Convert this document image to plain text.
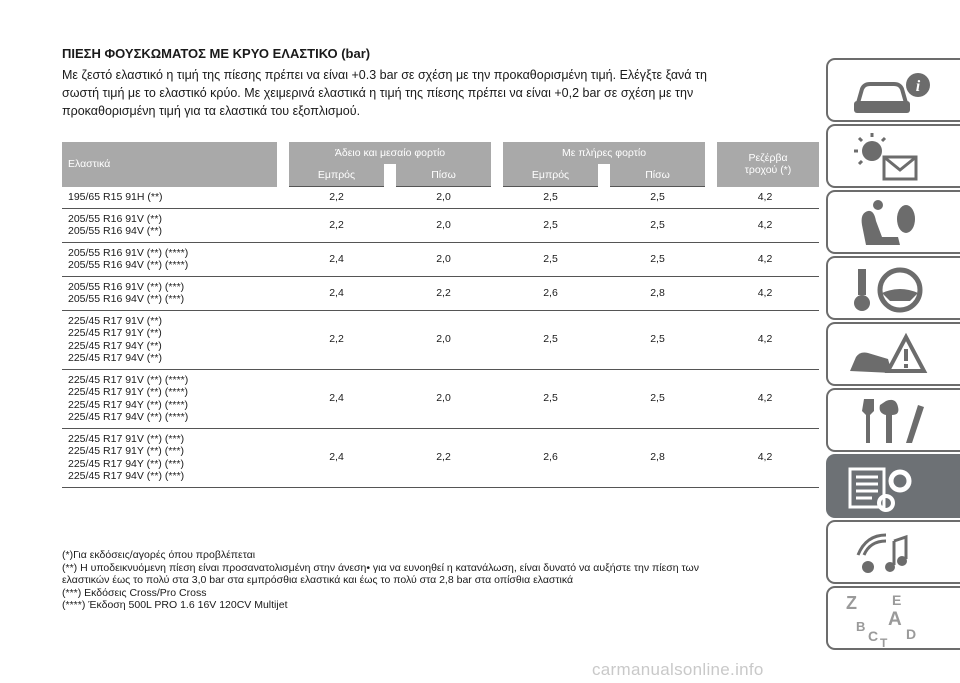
ΠΙΕΣΗ ΦΟΥΣΚΩΜΑΤΟΣ ΜΕ ΚΡΥΟ ΕΛΑΣΤΙΚΟ (bar)
Με ζεστό ελαστικό η τιμή της πίεσης πρέπει να είναι +0.3 bar σε σχέση με την προκαθορισμένη τιμή. Ελέγξτε ξανά τη
σωστή τιμή με το ελαστικό κρύο. Με χειμερινά ελαστικά η τιμή της πίεσης πρέπει να είναι +0,2 bar σε σχέση με την
προκαθορισμένη τιμή για τα ελαστικά του εξοπλισμού.
Ελαστικά	Άδειο και μεσαίο φορτίο		Με πλήρες φορτίο		Ρεζέρβα
τροχού (*)

	Εμπρός	Πίσω	Εμπρός	Πίσω	

195/65 R15 91H (**)	2,2	2,0	2,5	2,5	4,2

205/55 R16 91V (**)
205/55 R16 94V (**)	2,2	2,0	2,5	2,5	4,2

205/55 R16 91V (**) (****)
205/55 R16 94V (**) (****)	2,4	2,0	2,5	2,5	4,2

205/55 R16 91V (**) (***)
205/55 R16 94V (**) (***)	2,4	2,2	2,6	2,8	4,2

225/45 R17 91V (**)
225/45 R17 91Y (**)
225/45 R17 94Y (**)
225/45 R17 94V (**)	2,2	2,0	2,5	2,5	4,2

225/45 R17 91V (**) (****)
225/45 R17 91Y (**) (****)
225/45 R17 94Y (**) (****)
225/45 R17 94V (**) (****)	2,4	2,0	2,5	2,5	4,2

225/45 R17 91V (**) (***)
225/45 R17 91Y (**) (***)
225/45 R17 94Y (**) (***)
225/45 R17 94V (**) (***)	2,4	2,2	2,6	2,8	4,2
(*)Για εκδόσεις/αγορές όπου προβλέπεται
(**) Η υποδεικνυόμενη πίεση είναι προσανατολισμένη στην άνεση• για να ευνοηθεί η κατανάλωση, είναι δυνατό να αυξήστε την πίεση των
ελαστικών έως το πολύ στα 3,0 bar στα εμπρόσθια ελαστικά και έως το πολύ στα 2,8 bar στα οπίσθια ελαστικά
(***) Εκδόσεις Cross/Pro Cross
(****) Έκδοση 500L PRO 1.6 16V 120CV Multijet
i
Z	E
B A
C T
D
carmanualsonline.info
